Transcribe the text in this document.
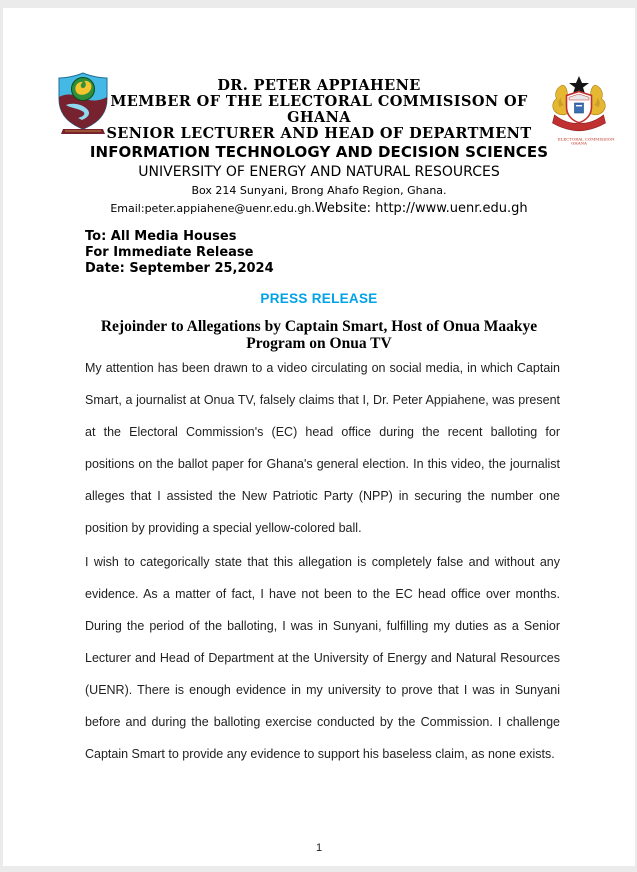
ELECTORAL COMMISSION
GHANA
DR. PETER APPIAHENE
MEMBER OF THE ELECTORAL COMMISISON OF
GHANA
SENIOR LECTURER AND HEAD OF DEPARTMENT
INFORMATION TECHNOLOGY AND DECISION SCIENCES
UNIVERSITY OF ENERGY AND NATURAL RESOURCES
Box 214 Sunyani, Brong Ahafo Region, Ghana.
Email:peter.appiahene@uenr.edu.gh.Website: http://www.uenr.edu.gh
To: All Media Houses
For Immediate Release
Date: September 25,2024
PRESS RELEASE
Rejoinder to Allegations by Captain Smart, Host of Onua Maakye
Program on Onua TV

My attention has been drawn to a video circulating on social media, in which Captain Smart, a journalist at Onua TV, falsely claims that I, Dr. Peter Appiahene, was present at the Electoral Commission's (EC) head office during the recent balloting for positions on the ballot paper for Ghana's general election. In this video, the journalist alleges that I assisted the New Patriotic Party (NPP) in securing the number one position by providing a special yellow-colored ball.

I wish to categorically state that this allegation is completely false and without any evidence. As a matter of fact, I have not been to the EC head office over months. During the period of the balloting, I was in Sunyani, fulfilling my duties as a Senior Lecturer and Head of Department at the University of Energy and Natural Resources (UENR). There is enough evidence in my university to prove that I was in Sunyani before and during the balloting exercise conducted by the Commission. I challenge Captain Smart to provide any evidence to support his baseless claim, as none exists.

1
